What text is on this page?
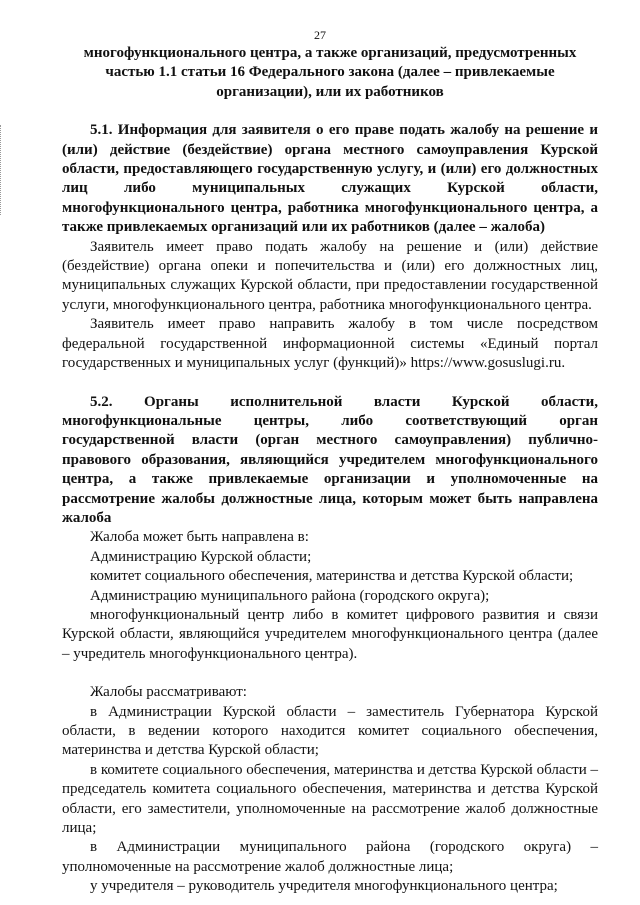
27

многофункционального центра, а также организаций, предусмотренных

частью 1.1 статьи 16 Федерального закона (далее – привлекаемые

организации), или их работников

5.1. Информация для заявителя о его праве подать жалобу на решение и (или) действие (бездействие) органа местного самоуправления Курской области, предоставляющего государственную услугу, и (или) его должностных лиц либо муниципальных служащих Курской области, многофункционального центра, работника многофункционального центра, а также привлекаемых организаций или их работников (далее – жалоба)

Заявитель имеет право подать жалобу на решение и (или) действие (бездействие) органа опеки и попечительства и (или) его должностных лиц, муниципальных служащих Курской области, при предоставлении государственной услуги, многофункционального центра, работника многофункционального центра.

Заявитель имеет право направить жалобу в том числе посредством федеральной государственной информационной системы «Единый портал государственных и муниципальных услуг (функций)» https://www.gosuslugi.ru.

5.2. Органы исполнительной власти Курской области, многофункциональные центры, либо соответствующий орган государственной власти (орган местного самоуправления) публично-правового образования, являющийся учредителем многофункционального центра, а также привлекаемые организации и уполномоченные на рассмотрение жалобы должностные лица, которым может быть направлена жалоба

Жалоба может быть направлена в:

Администрацию Курской области;

комитет социального обеспечения, материнства и детства Курской области;

Администрацию муниципального района (городского округа);

многофункциональный центр либо в комитет цифрового развития и связи Курской области, являющийся учредителем многофункционального центра (далее – учредитель многофункционального центра).

Жалобы рассматривают:

в Администрации Курской области – заместитель Губернатора Курской области, в ведении которого находится комитет социального обеспечения, материнства и детства Курской области;

в комитете социального обеспечения, материнства и детства Курской области – председатель комитета социального обеспечения, материнства и детства Курской области, его заместители, уполномоченные на рассмотрение жалоб должностные лица;

в Администрации муниципального района (городского округа) – уполномоченные на рассмотрение жалоб должностные лица;

у учредителя – руководитель учредителя многофункционального центра;
